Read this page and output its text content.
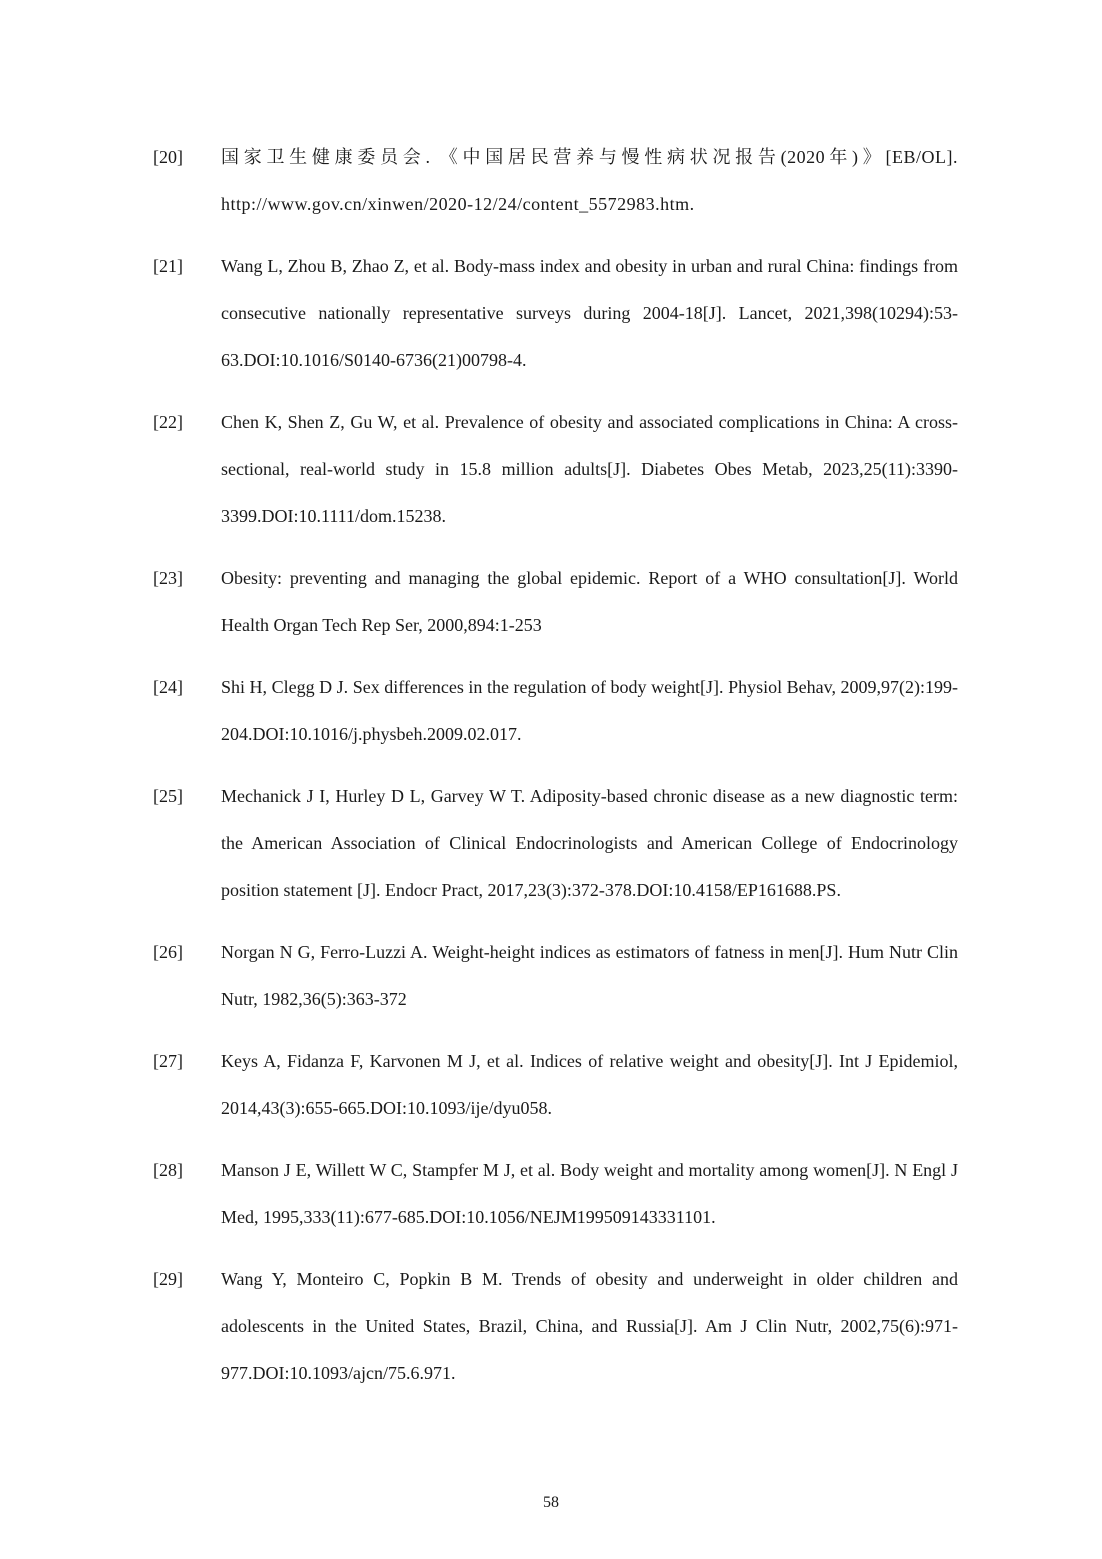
[20]	国家卫生健康委员会. 《中国居民营养与慢性病状况报告(2020年)》[EB/OL]. http://www.gov.cn/xinwen/2020-12/24/content_5572983.htm.
[21]	Wang L, Zhou B, Zhao Z, et al. Body-mass index and obesity in urban and rural China: findings from consecutive nationally representative surveys during 2004-18[J]. Lancet, 2021,398(10294):53-63.DOI:10.1016/S0140-6736(21)00798-4.
[22]	Chen K, Shen Z, Gu W, et al. Prevalence of obesity and associated complications in China: A cross-sectional, real-world study in 15.8 million adults[J]. Diabetes Obes Metab, 2023,25(11):3390-3399.DOI:10.1111/dom.15238.
[23]	Obesity: preventing and managing the global epidemic. Report of a WHO consultation[J]. World Health Organ Tech Rep Ser, 2000,894:1-253
[24]	Shi H, Clegg D J. Sex differences in the regulation of body weight[J]. Physiol Behav, 2009,97(2):199-204.DOI:10.1016/j.physbeh.2009.02.017.
[25]	Mechanick J I, Hurley D L, Garvey W T. Adiposity-based chronic disease as a new diagnostic term: the American Association of Clinical Endocrinologists and American College of Endocrinology position statement [J]. Endocr Pract, 2017,23(3):372-378.DOI:10.4158/EP161688.PS.
[26]	Norgan N G, Ferro-Luzzi A. Weight-height indices as estimators of fatness in men[J]. Hum Nutr Clin Nutr, 1982,36(5):363-372
[27]	Keys A, Fidanza F, Karvonen M J, et al. Indices of relative weight and obesity[J]. Int J Epidemiol, 2014,43(3):655-665.DOI:10.1093/ije/dyu058.
[28]	Manson J E, Willett W C, Stampfer M J, et al. Body weight and mortality among women[J]. N Engl J Med, 1995,333(11):677-685.DOI:10.1056/NEJM199509143331101.
[29]	Wang Y, Monteiro C, Popkin B M. Trends of obesity and underweight in older children and adolescents in the United States, Brazil, China, and Russia[J]. Am J Clin Nutr, 2002,75(6):971-977.DOI:10.1093/ajcn/75.6.971.
58
